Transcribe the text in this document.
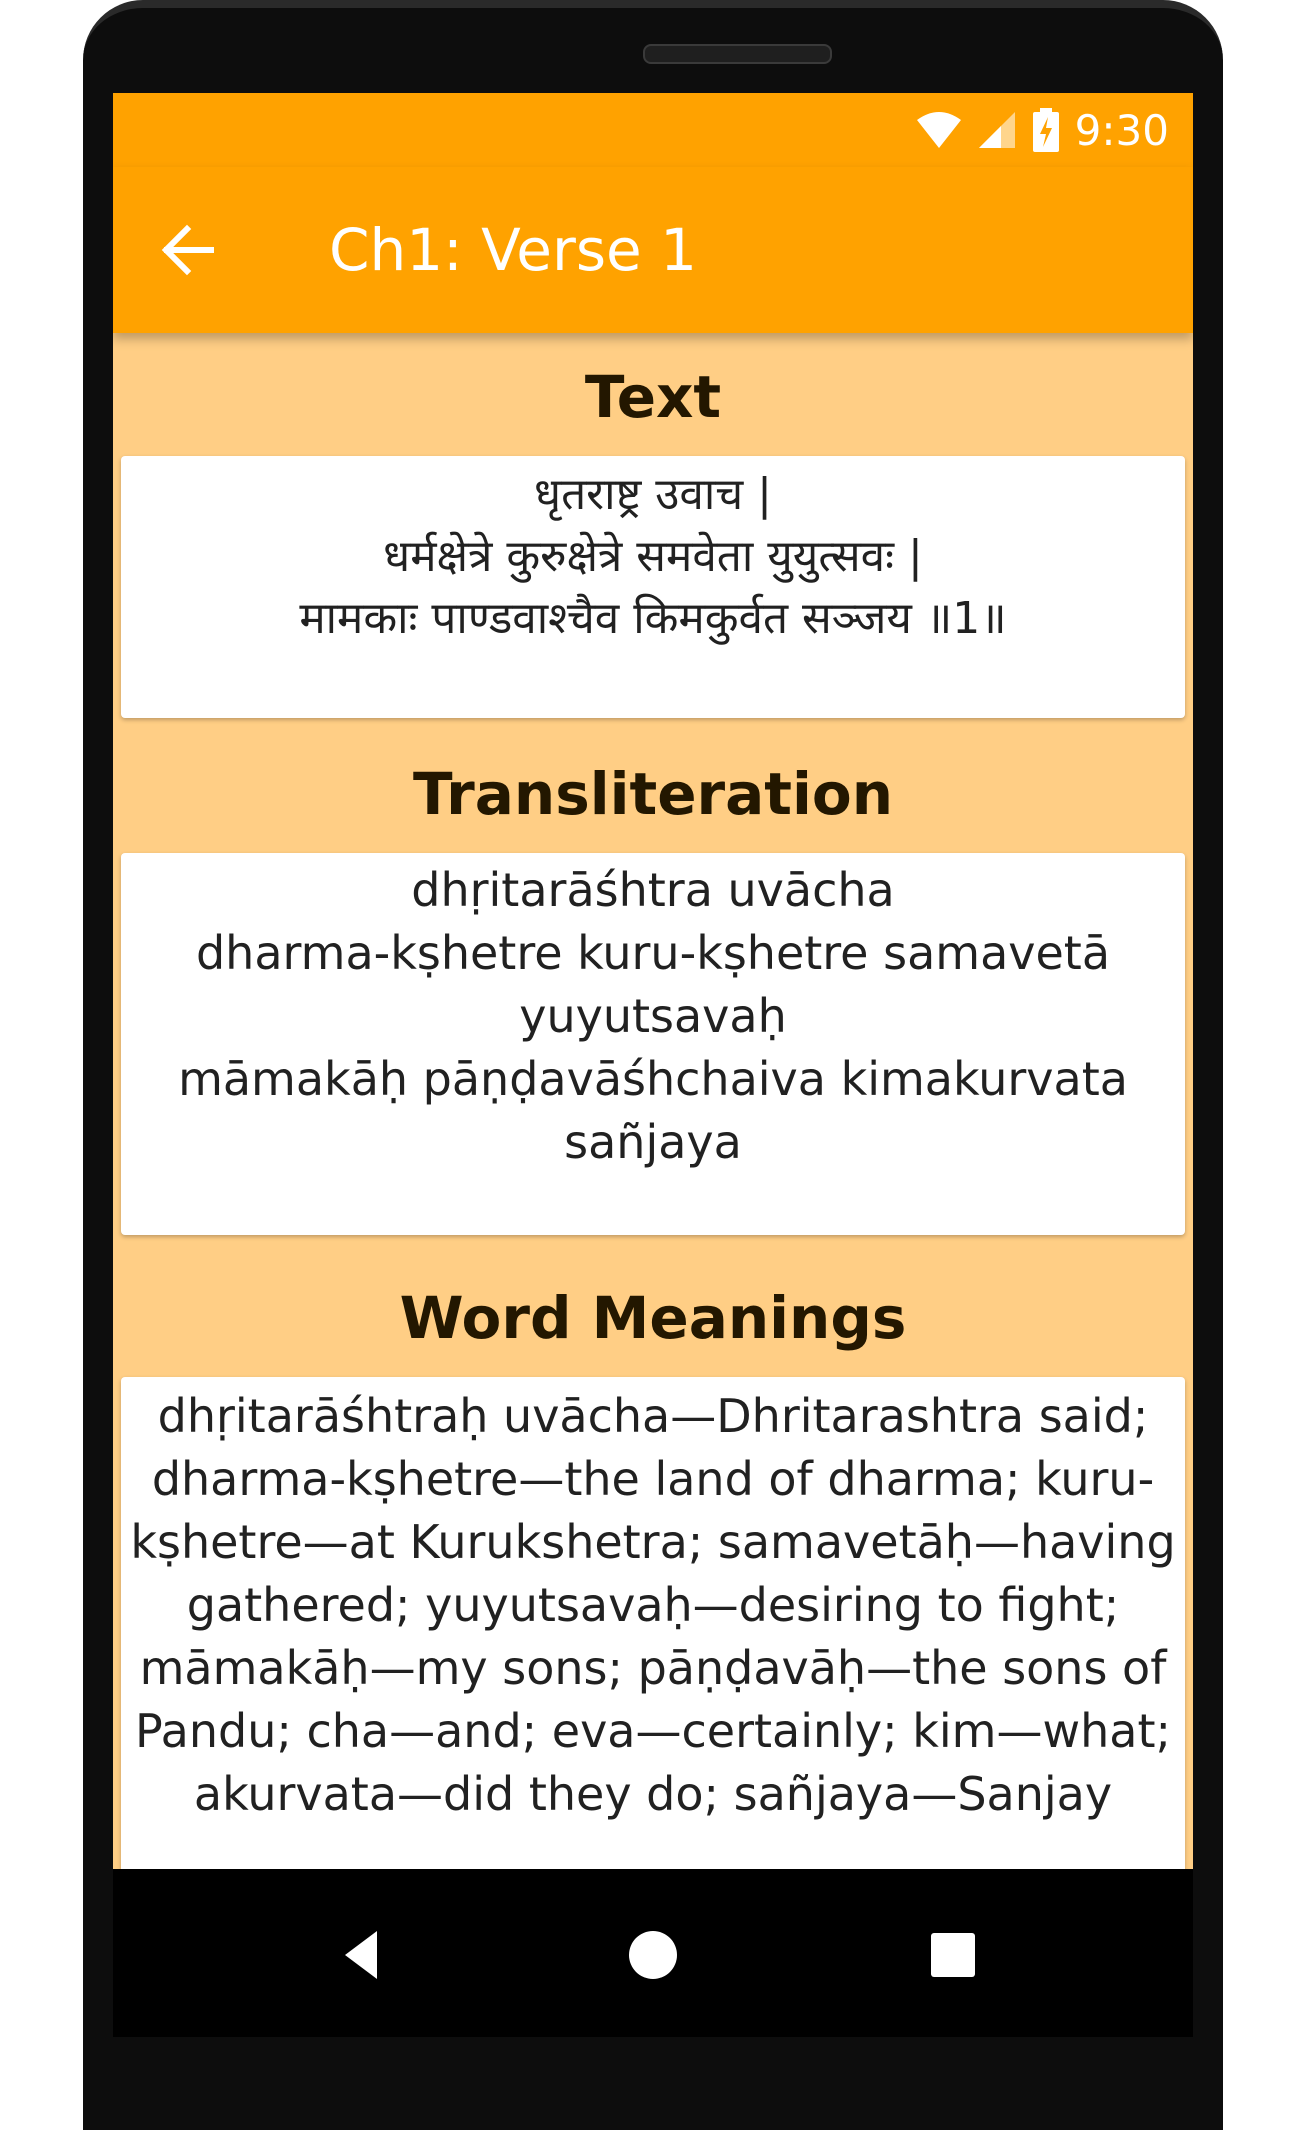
9:30
Ch1: Verse 1
Text
धृतराष्ट्र उवाच |
धर्मक्षेत्रे कुरुक्षेत्रे समवेता युयुत्सवः |
मामकाः पाण्डवाश्चैव किमकुर्वत सञ्जय ॥1॥
Transliteration
dhṛitarāśhtra uvācha
dharma-kṣhetre kuru-kṣhetre samavetā
yuyutsavaḥ
māmakāḥ pāṇḍavāśhchaiva kimakurvata
sañjaya
Word Meanings
dhṛitarāśhtraḥ uvācha—Dhritarashtra said;
dharma-kṣhetre—the land of dharma; kuru-
kṣhetre—at Kurukshetra; samavetāḥ—having
gathered; yuyutsavaḥ—desiring to fight;
māmakāḥ—my sons; pāṇḍavāḥ—the sons of
Pandu; cha—and; eva—certainly; kim—what;
akurvata—did they do; sañjaya—Sanjay
